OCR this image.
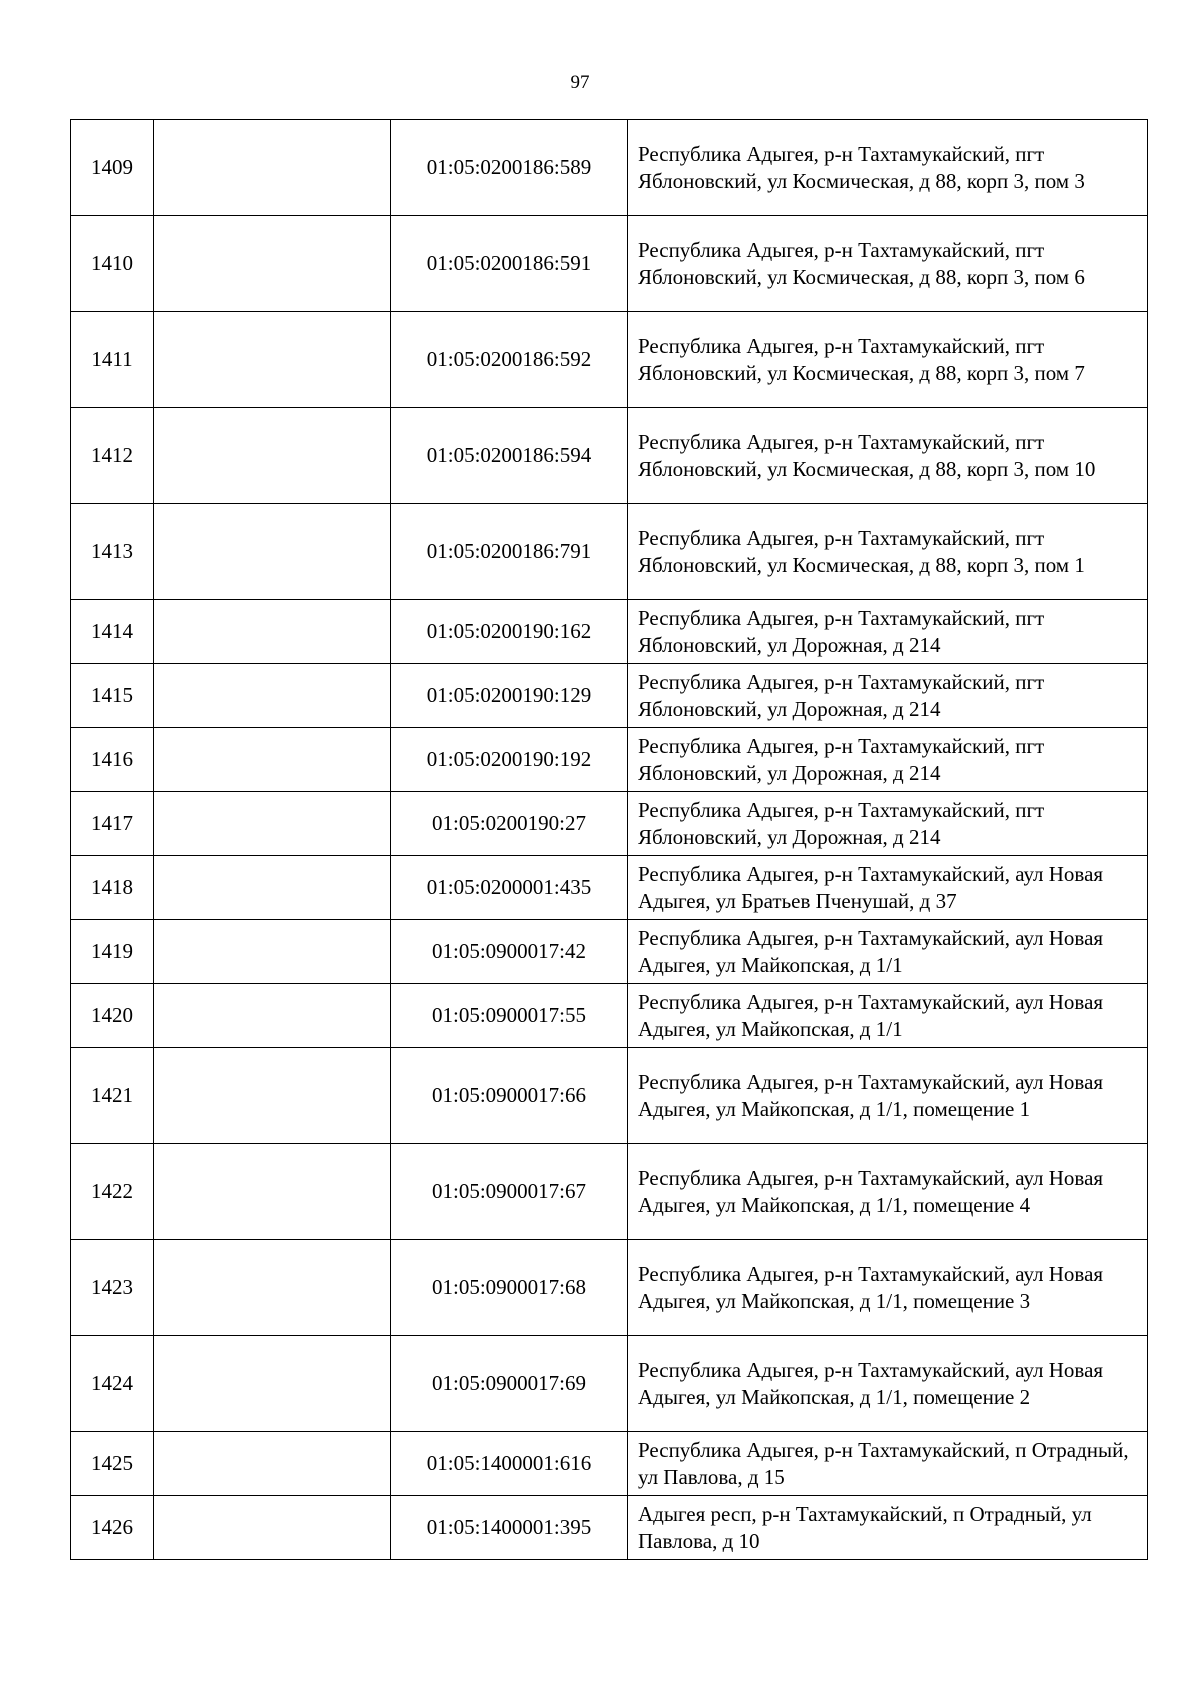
97
1409		01:05:0200186:589	Республика Адыгея, р-н Тахтамукайский, пгт Яблоновский, ул Космическая, д 88, корп 3, пом 3
1410		01:05:0200186:591	Республика Адыгея, р-н Тахтамукайский, пгт Яблоновский, ул Космическая, д 88, корп 3, пом 6
1411		01:05:0200186:592	Республика Адыгея, р-н Тахтамукайский, пгт Яблоновский, ул Космическая, д 88, корп 3, пом 7
1412		01:05:0200186:594	Республика Адыгея, р-н Тахтамукайский, пгт Яблоновский, ул Космическая, д 88, корп 3, пом 10
1413		01:05:0200186:791	Республика Адыгея, р-н Тахтамукайский, пгт Яблоновский, ул Космическая, д 88, корп 3, пом 1
1414		01:05:0200190:162	Республика Адыгея, р-н Тахтамукайский, пгт Яблоновский, ул Дорожная, д 214
1415		01:05:0200190:129	Республика Адыгея, р-н Тахтамукайский, пгт Яблоновский, ул Дорожная, д 214
1416		01:05:0200190:192	Республика Адыгея, р-н Тахтамукайский, пгт Яблоновский, ул Дорожная, д 214
1417		01:05:0200190:27	Республика Адыгея, р-н Тахтамукайский, пгт Яблоновский, ул Дорожная, д 214
1418		01:05:0200001:435	Республика Адыгея, р-н Тахтамукайский, аул Новая Адыгея, ул Братьев Пченушай, д 37
1419		01:05:0900017:42	Республика Адыгея, р-н Тахтамукайский, аул Новая Адыгея, ул Майкопская, д 1/1
1420		01:05:0900017:55	Республика Адыгея, р-н Тахтамукайский, аул Новая Адыгея, ул Майкопская, д 1/1
1421		01:05:0900017:66	Республика Адыгея, р-н Тахтамукайский, аул Новая Адыгея, ул Майкопская, д 1/1, помещение 1
1422		01:05:0900017:67	Республика Адыгея, р-н Тахтамукайский, аул Новая Адыгея, ул Майкопская, д 1/1, помещение 4
1423		01:05:0900017:68	Республика Адыгея, р-н Тахтамукайский, аул Новая Адыгея, ул Майкопская, д 1/1, помещение 3
1424		01:05:0900017:69	Республика Адыгея, р-н Тахтамукайский, аул Новая Адыгея, ул Майкопская, д 1/1, помещение 2
1425		01:05:1400001:616	Республика Адыгея, р-н Тахтамукайский, п Отрадный, ул Павлова, д 15
1426		01:05:1400001:395	Адыгея респ, р-н Тахтамукайский, п Отрадный, ул Павлова, д 10
